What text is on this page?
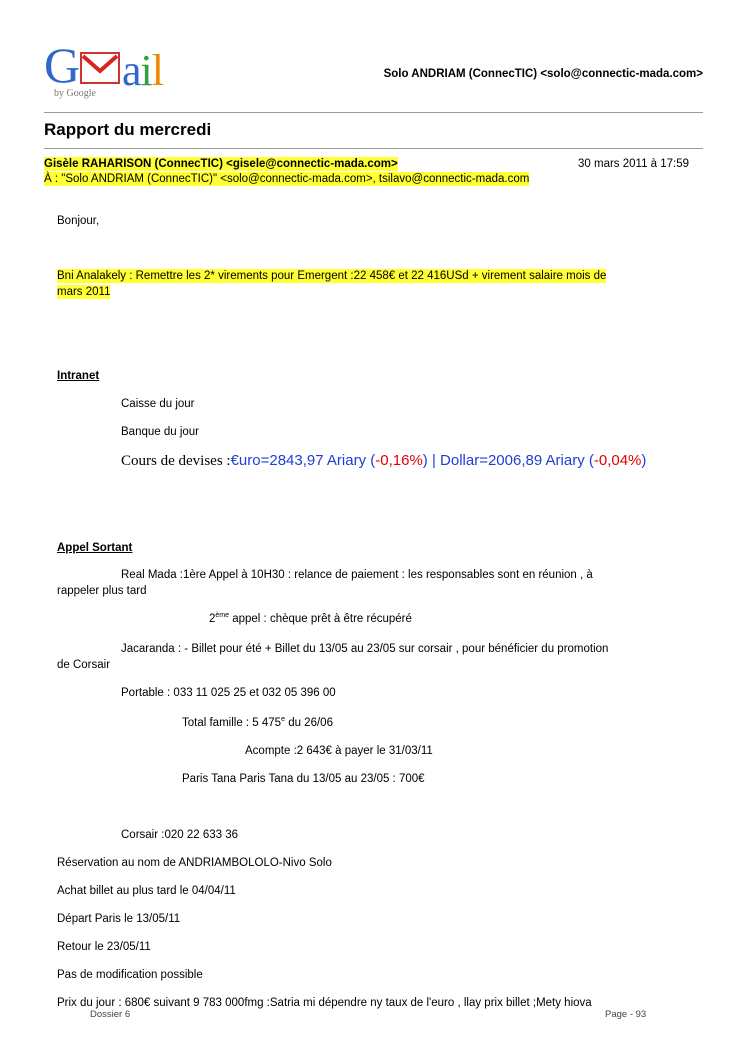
G ail
by Google
Solo ANDRIAM (ConnecTIC) <solo@connectic-mada.com>
Rapport du mercredi
Gisèle RAHARISON (ConnecTIC) <gisele@connectic-mada.com>	30 mars 2011 à 17:59
À : "Solo ANDRIAM (ConnecTIC)" <solo@connectic-mada.com>, tsilavo@connectic-mada.com
Bonjour,
Bni Analakely : Remettre les 2* virements pour Emergent :22 458€ et 22 416USd + virement salaire mois de
mars 2011
Intranet
Caisse du jour
Banque du jour
Cours de devises :€uro=2843,97 Ariary (-0,16%) | Dollar=2006,89 Ariary (-0,04%)
Appel Sortant
Real Mada :1ère Appel à 10H30 : relance de paiement : les responsables sont en réunion , à
rappeler plus tard
2ème appel : chèque prêt à être récupéré
Jacaranda : - Billet pour été + Billet du 13/05 au 23/05 sur corsair , pour bénéficier du promotion
de Corsair
Portable : 033 11 025 25 et 032 05 396 00
Total famille : 5 475e du 26/06
Acompte :2 643€ à payer le 31/03/11
Paris Tana Paris Tana du 13/05 au 23/05 : 700€
Corsair :020 22 633 36
Réservation au nom de ANDRIAMBOLOLO-Nivo Solo
Achat billet au plus tard le 04/04/11
Départ Paris le 13/05/11
Retour le 23/05/11
Pas de modification possible
Prix du jour : 680€ suivant 9 783 000fmg :Satria mi dépendre ny taux de l'euro , llay prix billet ;Mety hiova
Dossier 6	Page - 93
